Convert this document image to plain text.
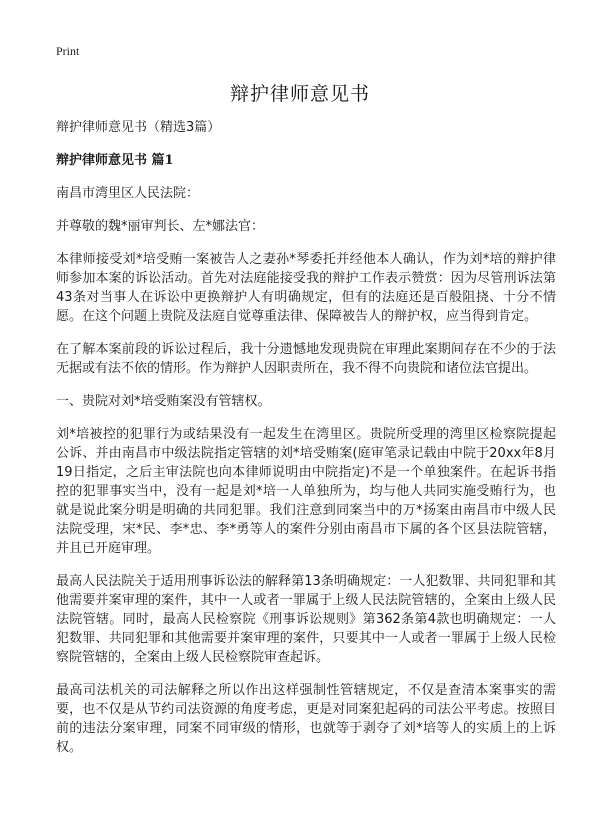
Print
辩护律师意见书

辩护律师意见书（精选3篇）

辩护律师意见书 篇1

南昌市湾里区人民法院：

并尊敬的魏*丽审判长、左*娜法官：

本律师接受刘*培受贿一案被告人之妻孙*琴委托并经他本人确认，作为刘*培的辩护律师参加本案的诉讼活动。首先对法庭能接受我的辩护工作表示赞赏：因为尽管刑诉法第43条对当事人在诉讼中更换辩护人有明确规定，但有的法庭还是百般阻挠、十分不情愿。在这个问题上贵院及法庭自觉尊重法律、保障被告人的辩护权，应当得到肯定。

在了解本案前段的诉讼过程后，我十分遗憾地发现贵院在审理此案期间存在不少的于法无据或有法不依的情形。作为辩护人因职责所在，我不得不向贵院和诸位法官提出。

一、贵院对刘*培受贿案没有管辖权。

刘*培被控的犯罪行为或结果没有一起发生在湾里区。贵院所受理的湾里区检察院提起公诉、并由南昌市中级法院指定管辖的刘*培受贿案(庭审笔录记载由中院于20xx年8月19日指定，之后主审法院也向本律师说明由中院指定)不是一个单独案件。在起诉书指控的犯罪事实当中，没有一起是刘*培一人单独所为，均与他人共同实施受贿行为，也就是说此案分明是明确的共同犯罪。我们注意到同案当中的万*扬案由南昌市中级人民法院受理，宋*民、李*忠、李*勇等人的案件分别由南昌市下属的各个区县法院管辖，并且已开庭审理。

最高人民法院关于适用刑事诉讼法的解释第13条明确规定：一人犯数罪、共同犯罪和其他需要并案审理的案件，其中一人或者一罪属于上级人民法院管辖的，全案由上级人民法院管辖。同时，最高人民检察院《刑事诉讼规则》第362条第4款也明确规定：一人犯数罪、共同犯罪和其他需要并案审理的案件，只要其中一人或者一罪属于上级人民检察院管辖的，全案由上级人民检察院审查起诉。

最高司法机关的司法解释之所以作出这样强制性管辖规定，不仅是查清本案事实的需要，也不仅是从节约司法资源的角度考虑，更是对同案犯起码的司法公平考虑。按照目前的违法分案审理，同案不同审级的情形，也就等于剥夺了刘*培等人的实质上的上诉权。
